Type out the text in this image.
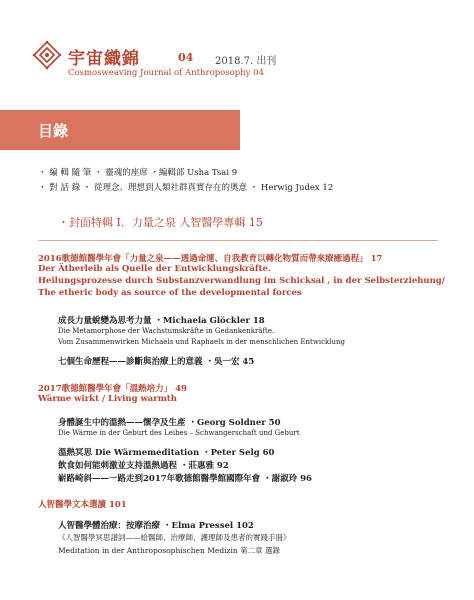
宇宙織錦	04 2018.7. 出刊
Cosmosweaving Journal of Anthroposophy 04
目錄
・ 編 輯 隨 筆 ・ 靈魂的座席 ・編輯部 Usha Tsai 9
・ 對 話 錄 ・ 從理念、理想到人類社群真實存在的奧意 ・ Herwig Judex 12
・封面特輯 I．力量之泉 人智醫學專輯 15
2016歌德館醫學年會「力量之泉——透過命運、自我教育以轉化物質而帶來療癒過程」 17
Der Ätherleib als Quelle der Entwicklungskräfte.
Heilungsprozesse durch Substanzverwandlung im Schicksal , in der Selbsterziehung/
The etheric body as source of the developmental forces
成長力量蛻變為思考力量 ・Michaela Glöckler 18
Die Metamorphose der Wachstumskräfte in Gedankenkräfte.
Vom Zusammenwirken Michaels und Raphaels in der menschlichen Entwicklung
七個生命歷程——診斷與治療上的意義 ・吳一宏 45
2017歌德館醫學年會「溫熱培力」 49
Wärme wirkt / Living warmth
身體誕生中的溫熱——懷孕及生產 ・Georg Soldner 50
Die Wärme in der Geburt des Leibes – Schwangerschaft und Geburt
溫熱冥思 Die Wärmemeditation ・Peter Selg 60
飲食如何能刺激並支持溫熱過程 ・莊惠雅 92
嶄路崎斜——一路走到2017年歌德館醫學館國際年會 ・謝淑玲 96
人智醫學文本選讀 101
人智醫學體治療：按摩治療 ・Elma Pressel 102
《人智醫學冥思譜詞——給醫師、治療師、護理師及患者的實踐手冊》
Meditation in der Anthroposophischen Medizin 第二章 選錄
